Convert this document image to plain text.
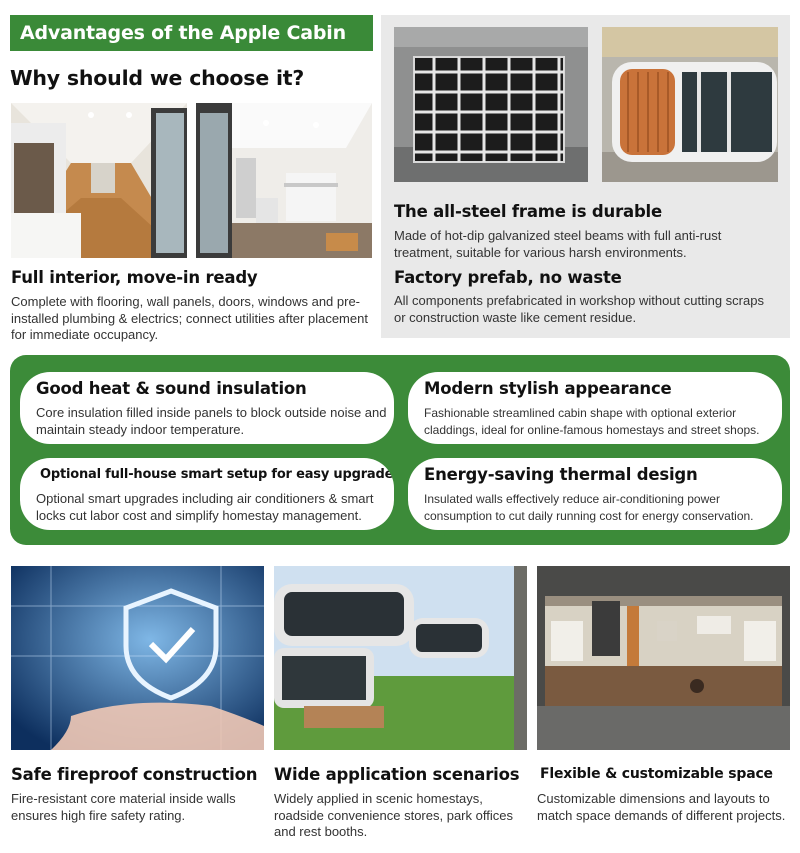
Advantages of the Apple Cabin
Why should we choose it?
Full interior, move-in ready
Complete with flooring, wall panels, doors, windows and pre-installed plumbing & electrics; connect utilities after placement for immediate occupancy.
The all-steel frame is durable
Made of hot-dip galvanized steel beams with full anti-rust treatment, suitable for various harsh environments.
Factory prefab, no waste
All components prefabricated in workshop without cutting scraps or construction waste like cement residue.
Good heat & sound insulation
Core insulation filled inside panels to block outside noise and maintain steady indoor temperature.
Modern stylish appearance
Fashionable streamlined cabin shape with optional exterior claddings, ideal for online-famous homestays and street shops.
Optional full-house smart setup for easy upgrade
Optional smart upgrades including air conditioners & smart locks cut labor cost and simplify homestay management.
Energy-saving thermal design
Insulated walls effectively reduce air-conditioning power consumption to cut daily running cost for energy conservation.
Safe fireproof construction
Fire-resistant core material inside walls ensures high fire safety rating.
Wide application scenarios
Widely applied in scenic homestays, roadside convenience stores, park offices and rest booths.
Flexible & customizable space
Customizable dimensions and layouts to match space demands of different projects.
